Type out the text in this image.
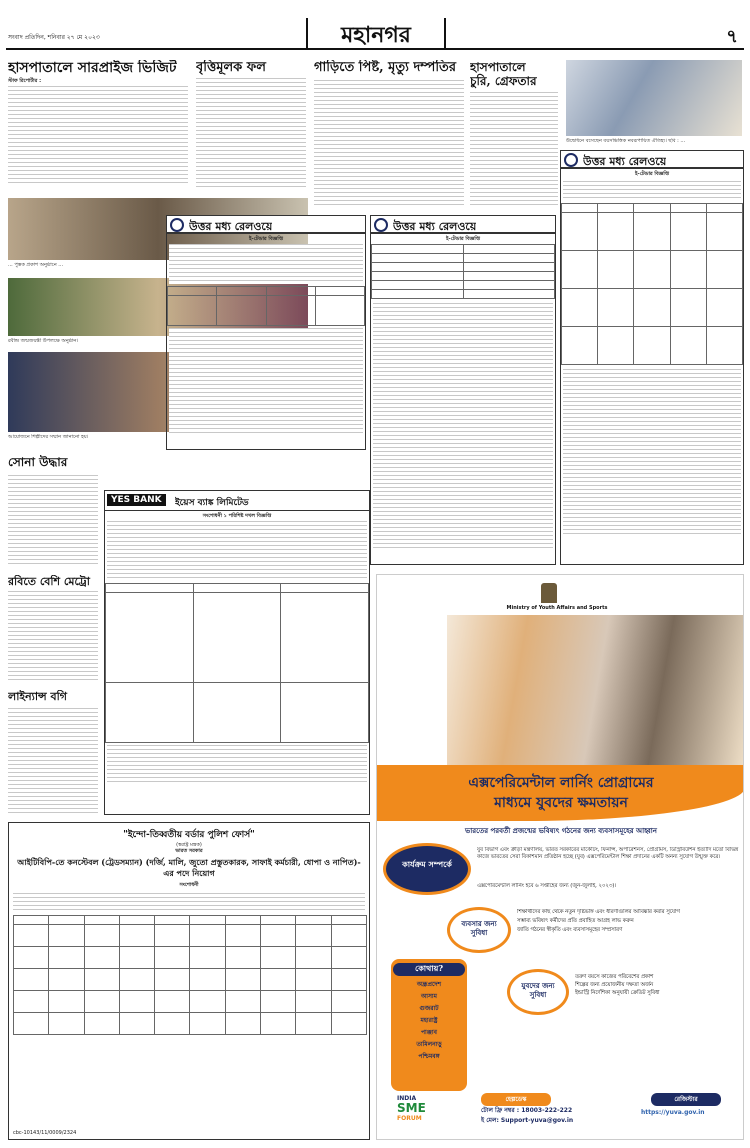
সংবাদ প্রতিদিন, শনিবার ২৭ মে ২০২৩	মহানগর	৭
হাসপাতালে সারপ্রাইজ ভিজিট
স্টাফ রিপোর্টার :
বৃত্তিমূলক ফল	গাড়িতে পিষ্ট, মৃত্যু দম্পতির	হাসপাতালে
চুরি, গ্রেফতার
উদ্বোধনে বসেছেন বয়সভিত্তিক নবরূপায়িত ঐতিহ্য। ছবি : ...
... পুস্তক প্রকাশ অনুষ্ঠানে ...
রবীন্দ্র জন্মজয়ন্তী উপলক্ষে অনুষ্ঠান।
আয়োজনে শিল্পীদের সম্মান জানানো হয়।
উত্তর মধ্য রেলওয়ে
ই-টেন্ডার বিজ্ঞপ্তি

উত্তর মধ্য রেলওয়ে
ই-টেন্ডার বিজ্ঞপ্তি

উত্তর মধ্য রেলওয়ে
ই-টেন্ডার বিজ্ঞপ্তি

সোনা উদ্ধার
রবিতে বেশি মেট্রো
লাইন্যান্স বগি
YES BANK	ইয়েস ব্যাঙ্ক লিমিটেড
সংশোধনী ১ পরিশিষ্ট দখল বিজ্ঞপ্তি

"ইন্দো-তিব্বতীয় বর্ডার পুলিশ ফোর্স"
(স্বরাষ্ট্র মন্ত্রক)
ভারত সরকার
আইটিবিপি-তে কনস্টেবল (ট্রেডসম্যান) (দর্জি, মালি, জুতো প্রস্তুতকারক, সাফাই কর্মচারী, ধোপা ও নাপিত)-এর পদে নিয়োগ
সংশোধনী

cbc-10143/11/0009/2324
Ministry of Youth Affairs and Sports
এক্সপেরিমেন্টাল লার্নিং প্রোগ্রামের
মাধ্যমে যুবদের ক্ষমতায়ন
ভারতের পরবর্তী প্রজন্মের ভবিষ্যৎ গঠনের জন্য ব্যবসাসমূহের আহ্বান
কার্যক্রম সম্পর্কে
যুব বিভাগ এবং ক্রীড়া মন্ত্রণালয়, ভারত সরকারের মার্কেটিং, ফিনান্স, অপারেশনস, প্রোগ্রামস, ডিস্ট্রিবিউশন ইত্যাদি মতো বিভিন্ন কাজে ভারতের সেরা বিকাশমান প্রতিষ্ঠান হচ্ছে (যুব) এক্সপেরিমেন্টাল শিক্ষা প্রদানের একটি অনন্য সুযোগ উন্মুক্ত করে।
এক্সপেরিমেন্টাল লার্নিং হবে ৬ সপ্তাহের জন্য (জুন-জুলাই, ২০২৩)।
ব্যবসার জন্য সুবিধা
শিক্ষার্থীদের কাছ থেকে নতুন দৃষ্টিভঙ্গি এবং ধারণাগুলির আবিষ্কার করার সুযোগ
সম্ভাব্য ভবিষ্যৎ কর্মীদের প্রতি প্রবাহিত আগ্রহ লাভ করুন
জাতি গঠনের স্বীকৃতি এবং ব্যবসাসমূহের সম্প্রসারণ
কোথায়?
অন্ধ্রপ্রদেশ
আসাম
গুজরাট
মহারাষ্ট্র
পাঞ্জাব
তামিলনাড়ু
পশ্চিমবঙ্গ
যুবদের জন্য সুবিধা
তরুণ বয়সে কাজের পরিবেশের প্রকাশ
শিল্পের জন্য প্রয়োজনীয় দক্ষতা অর্জন
ইন্ডাস্ট্রি নির্দেশিকা অনুযায়ী ক্রেডিট সুবিধা
INDIA
SME
FORUM
হেল্পডেস্ক
টোল ফ্রি নম্বর : 18003-222-222
ই মেল: Support-yuva@gov.in
রেজিস্টার
https://yuva.gov.in
